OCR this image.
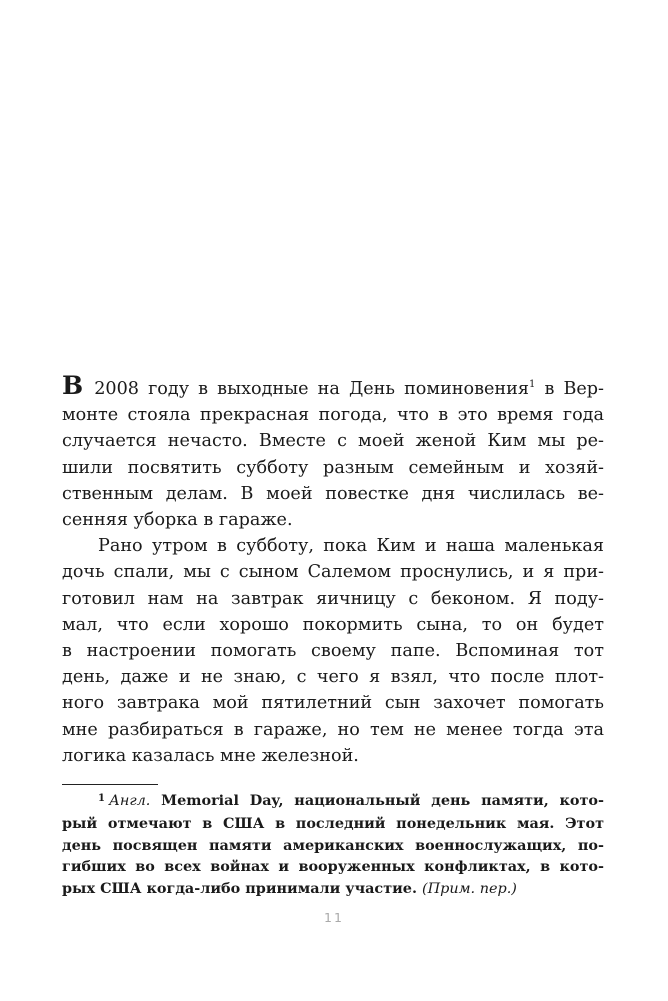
В 2008 году в выходные на День поминовения$^1$ в Вер-
монте стояла прекрасная погода, что в это время года
случается нечасто. Вместе с моей женой Ким мы ре-
шили посвятить субботу разным семейным и хозяй-
ственным делам. В моей повестке дня числилась ве-
сенняя уборка в гараже.
Рано утром в субботу, пока Ким и наша маленькая
дочь спали, мы с сыном Салемом проснулись, и я при-
готовил нам на завтрак яичницу с беконом. Я поду-
мал, что если хорошо покормить сына, то он будет
в настроении помогать своему папе. Вспоминая тот
день, даже и не знаю, с чего я взял, что после плот-
ного завтрака мой пятилетний сын захочет помогать
мне разбираться в гараже, но тем не менее тогда эта
логика казалась мне железной.
$^1$ Англ. Memorial Day, национальный день памяти, кото-
рый отмечают в США в последний понедельник мая. Этот
день посвящен памяти американских военнослужащих, по-
гибших во всех войнах и вооруженных конфликтах, в кото-
рых США когда-либо принимали участие. (Прим. пер.)
11
